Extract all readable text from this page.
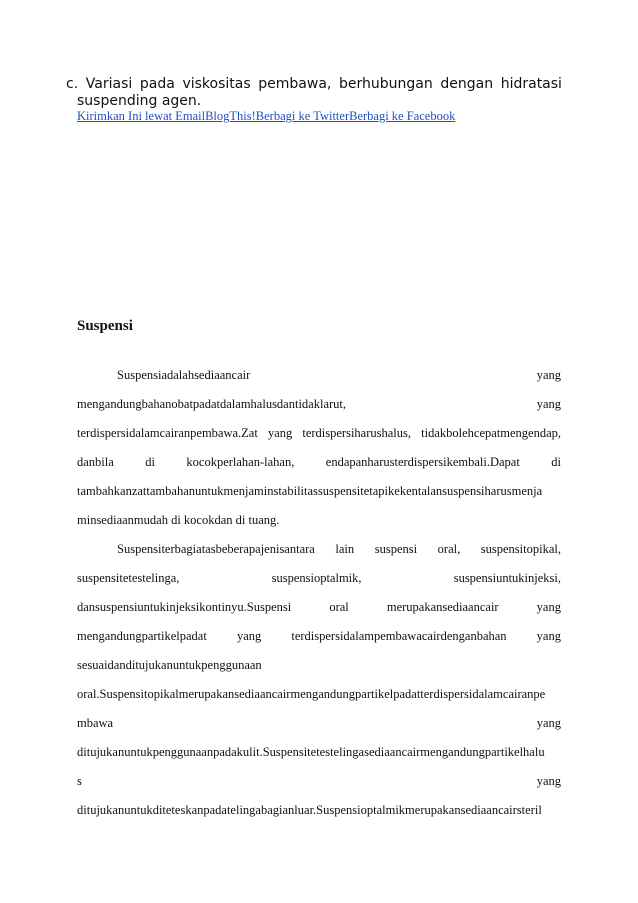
c. Variasi pada viskositas pembawa, berhubungan dengan hidratasi
suspending agen.
Kirimkan Ini lewat EmailBlogThis!Berbagi ke TwitterBerbagi ke Facebook
Suspensi
Suspensiadalahsediaancair	yang
mengandungbahanobatpadatdalamhalusdantidaklarut,	yang
terdispersidalamcairanpembawa.Zat yang terdispersiharushalus, tidakbolehcepatmengendap,
danbila	di	kocokperlahan-lahan,	endapanharusterdispersikembali.Dapat	di
tambahkanzattambahanuntukmenjaminstabilitassuspensitetapikekentalansuspensiharusmenja
minsediaanmudah di kocokdan di tuang.
Suspensiterbagiatasbeberapajenisantara lain suspensi oral, suspensitopikal,
suspensitetestelinga,	suspensioptalmik,	suspensiuntukinjeksi,
dansuspensiuntukinjeksikontinyu.Suspensi	oral	merupakansediaancair	yang
mengandungpartikelpadat yang terdispersidalampembawacairdenganbahan yang
sesuaidanditujukanuntukpenggunaan
oral.Suspensitopikalmerupakansediaancairmengandungpartikelpadatterdispersidalamcairanpe
mbawa	yang
ditujukanuntukpenggunaanpadakulit.Suspensitetestelingasediaancairmengandungpartikelhalu
s	yang
ditujukanuntukditeteskanpadatelingabagianluar.Suspensioptalmikmerupakansediaancairsteril
